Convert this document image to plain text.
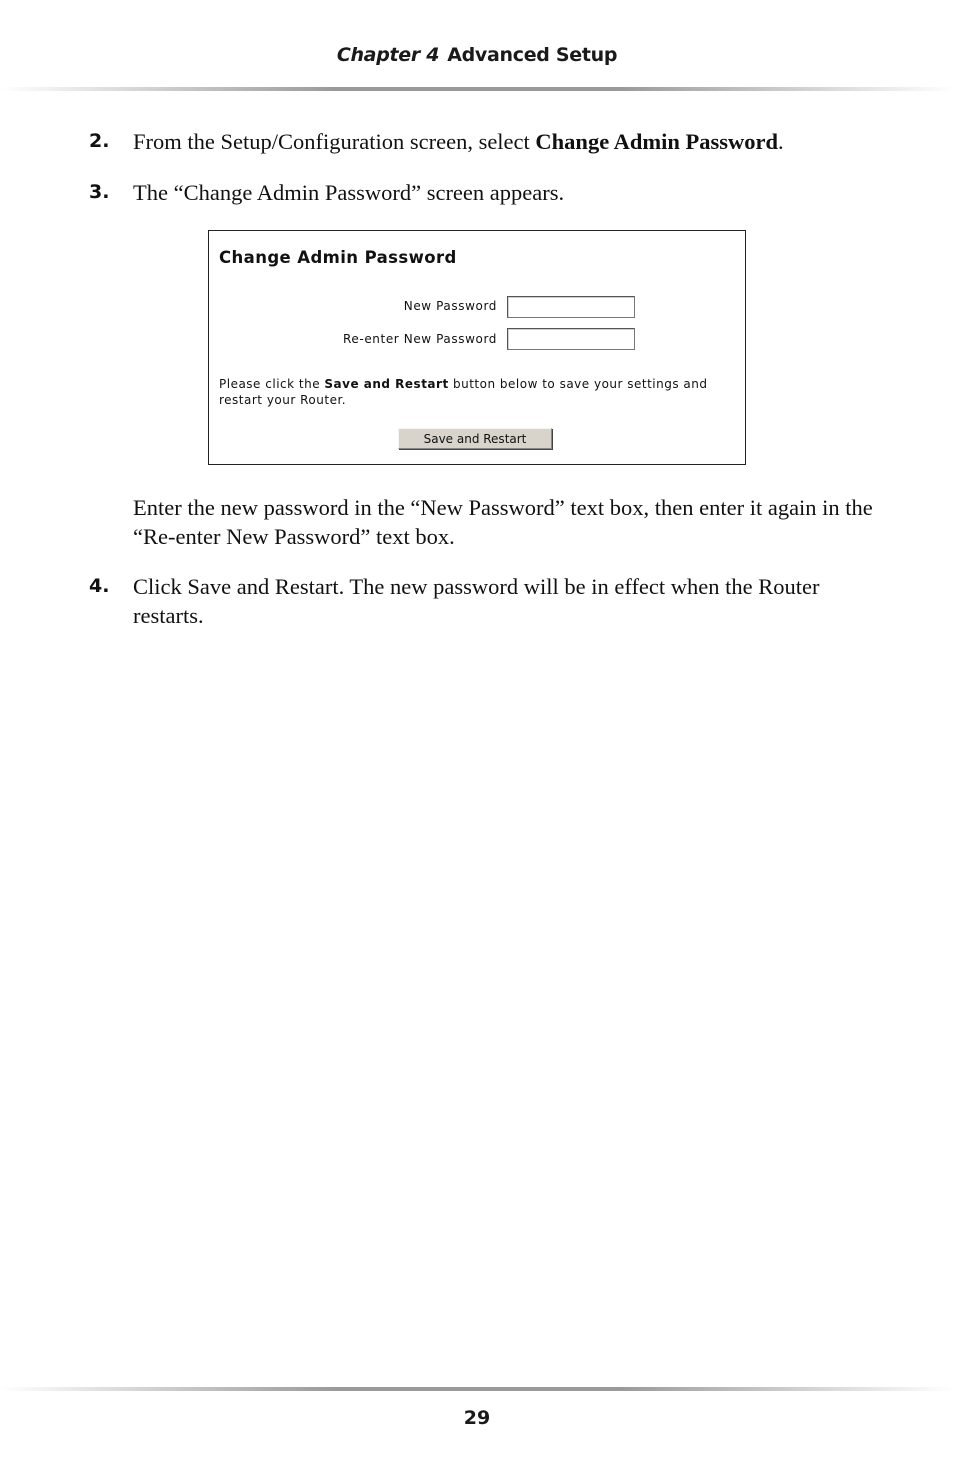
Chapter 4 Advanced Setup
2. From the Setup/Configuration screen, select Change Admin Password.
3. The “Change Admin Password” screen appears.
Change Admin Password
New Password
Re-enter New Password
Please click the Save and Restart button below to save your settings and restart your Router.
Save and Restart
Enter the new password in the “New Password” text box, then enter it again in the “Re-enter New Password” text box.
4. Click Save and Restart. The new password will be in effect when the Router restarts.
29
